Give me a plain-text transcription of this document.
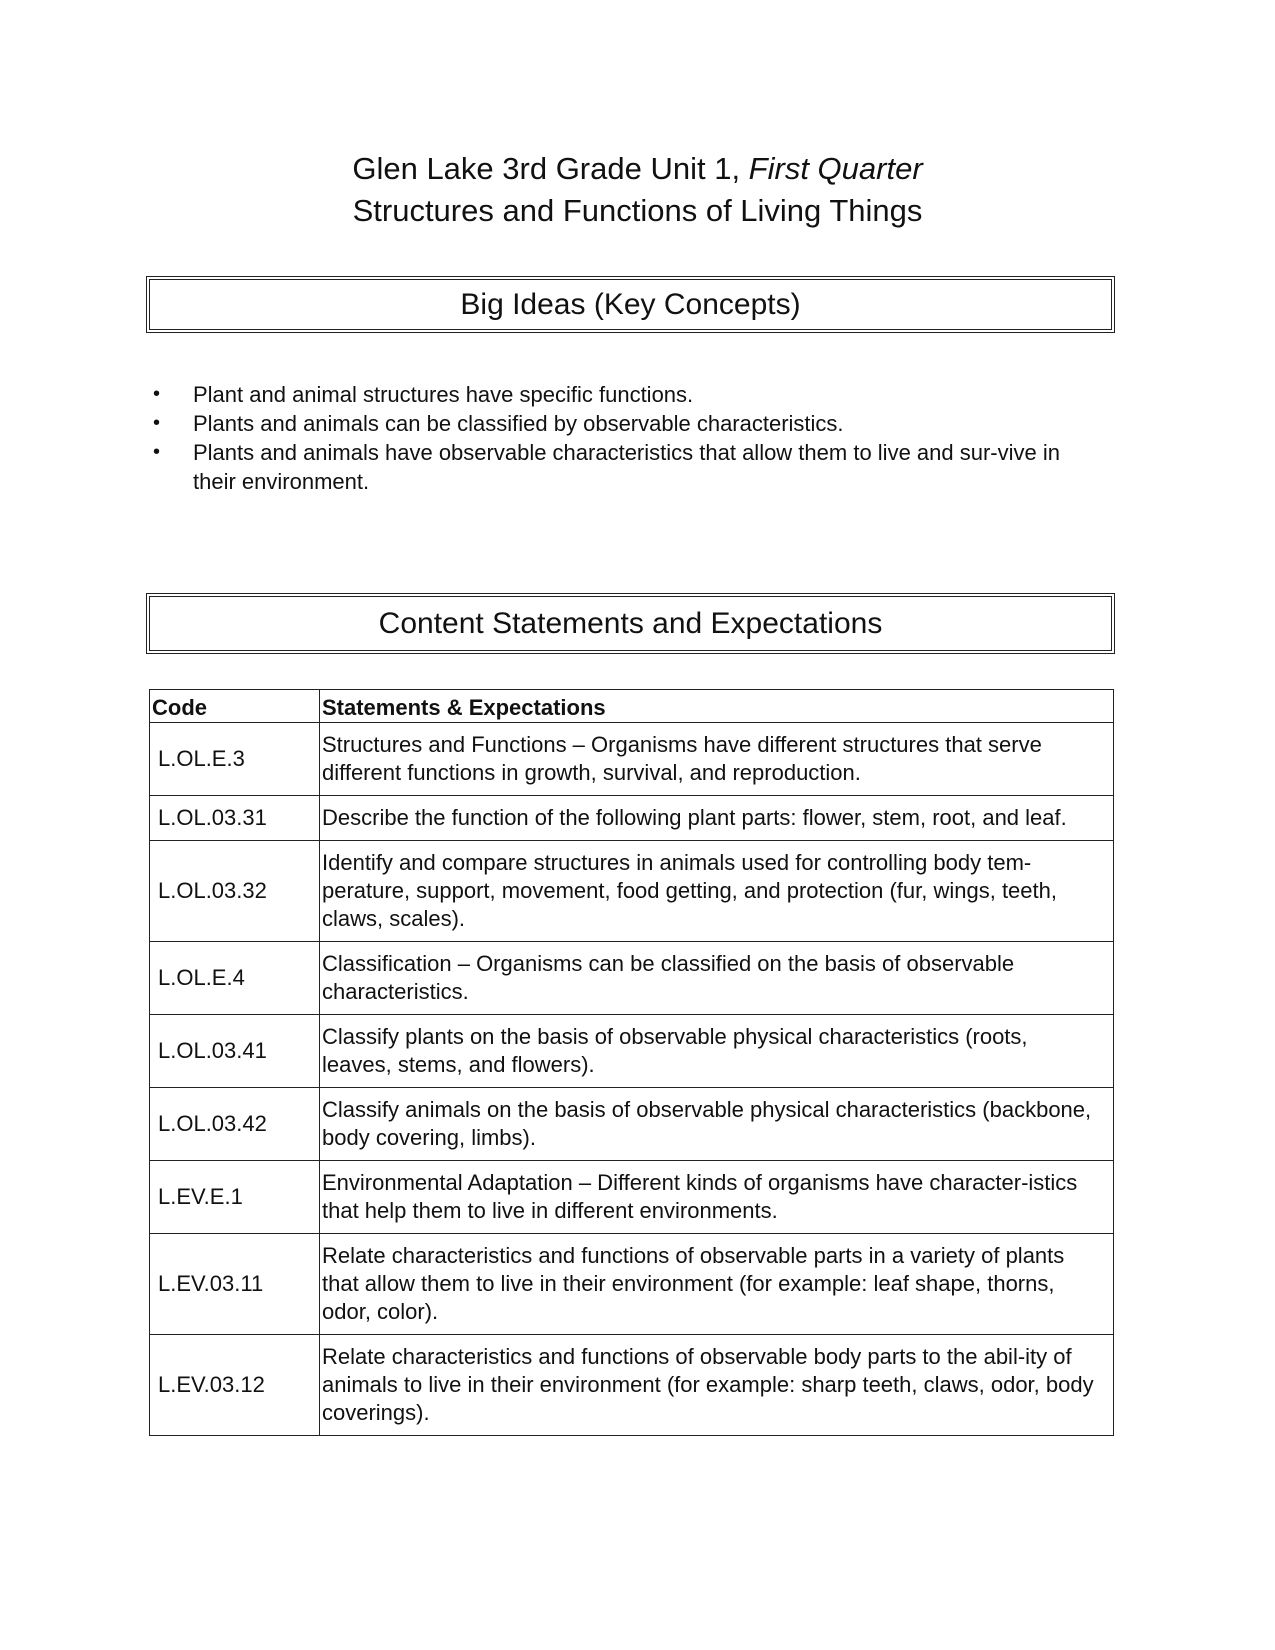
Glen Lake 3rd Grade Unit 1, First Quarter
Structures and Functions of Living Things
Big Ideas (Key Concepts)
• Plant and animal structures have specific functions.
• Plants and animals can be classified by observable characteristics.
• Plants and animals have observable characteristics that allow them to live and sur-vive in their environment.
Content Statements and Expectations
Code	Statements & Expectations
L.OL.E.3	Structures and Functions – Organisms have different structures that serve different functions in growth, survival, and reproduction.
L.OL.03.31	Describe the function of the following plant parts: flower, stem, root, and leaf.
L.OL.03.32	Identify and compare structures in animals used for controlling body tem-perature, support, movement, food getting, and protection (fur, wings, teeth, claws, scales).
L.OL.E.4	Classification – Organisms can be classified on the basis of observable characteristics.
L.OL.03.41	Classify plants on the basis of observable physical characteristics (roots, leaves, stems, and flowers).
L.OL.03.42	Classify animals on the basis of observable physical characteristics (backbone, body covering, limbs).
L.EV.E.1	Environmental Adaptation – Different kinds of organisms have character-istics that help them to live in different environments.
L.EV.03.11	Relate characteristics and functions of observable parts in a variety of plants that allow them to live in their environment (for example: leaf shape, thorns, odor, color).
L.EV.03.12	Relate characteristics and functions of observable body parts to the abil-ity of animals to live in their environment (for example: sharp teeth, claws, odor, body coverings).
